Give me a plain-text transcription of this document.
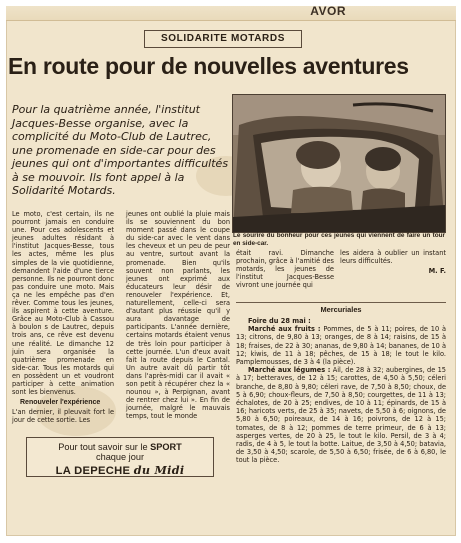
AVOR
SOLIDARITE MOTARDS
En route pour de nouvelles aventures
Pour la quatrième année, l'institut Jacques-Besse organise, avec la complicité du Moto-Club de Lautrec, une promenade en side-car pour des jeunes qui ont d'importantes difficultés à se mouvoir. Ils font appel à la Solidarité Motards.
Le sourire du bonheur pour ces jeunes qui viennent de faire un tour en side-car.

Le moto, c'est certain, ils ne pourront jamais en conduire une. Pour ces adolescents et jeunes adultes résidant à l'institut Jacques-Besse, tous les actes, même les plus simples de la vie quotidienne, demandent l'aide d'une tierce personne. Ils ne pourront donc pas conduire une moto. Mais ça ne les empêche pas d'en rêver. Comme tous les jeunes, ils aspirent à cette aventure. Grâce au Moto-Club à Cassou à boulon s de Lautrec, depuis trois ans, ce rêve est devenu une réalité. Le dimanche 12 juin sera organisée la quatrième promenade en side-car. Tous les motards qui en possèdent un et voudront participer à cette animation sont les bienvenus.

Renouveler l'expérience

L'an dernier, il pleuvait fort le jour de cette sortie. Les

jeunes ont oublié la pluie mais ils se souviennent du bon moment passé dans le coupe du side-car avec le vent dans les cheveux et un peu de peur au ventre, surtout avant la promenade. Bien qu'ils souvent non parlants, les jeunes ont exprimé aux éducateurs leur désir de renouveler l'expérience. Et, naturellement, celle-ci sera d'autant plus réussie qu'il y aura davantage de participants. L'année dernière, certains motards étaient venus de très loin pour participer à cette journée. L'un d'eux avait fait la route depuis le Cantal. Un autre avait dû partir tôt dans l'après-midi car il avait « son petit à récupérer chez la « nounou », à Perpignan, avant de rentrer chez lui ». En fin de journée, malgré le mauvais temps, tout le monde

était ravi. Dimanche prochain, grâce à l'amitié des motards, les jeunes de l'institut Jacques-Besse vivront une journée qui

les aidera à oublier un instant leurs difficultés.

M. F.
Mercuriales

Foire du 28 mai :

Marché aux fruits : Pommes, de 5 à 11; poires, de 10 à 13; citrons, de 9,80 à 13; oranges, de 8 à 14; raisins, de 15 à 18; fraises, de 22 à 30; ananas, de 9,80 à 14; bananes, de 10 à 12; kiwis, de 11 à 18; pêches, de 15 à 18; le tout le kilo. Pamplemousses, de 3 à 4 (la pièce).

Marché aux légumes : Ail, de 28 à 32; aubergines, de 15 à 17; betteraves, de 12 à 15; carottes, de 4,50 à 5,50; céleri branche, de 8,80 à 9,80; céleri rave, de 7,50 à 8,50; choux, de 5 à 6,90; choux-fleurs, de 7,50 à 8,50; courgettes, de 11 à 13; échalotes, de 20 à 25; endives, de 10 à 11; épinards, de 15 à 16; haricots verts, de 25 à 35; navets, de 5,50 à 6; oignons, de 5,80 à 6,50; poireaux, de 14 à 16; poivrons, de 12 à 15; tomates, de 8 à 12; pommes de terre primeur, de 6 à 13; asperges vertes, de 20 à 25, le tout le kilo. Persil, de 3 à 4; radis, de 4 à 5, le tout la botte. Laitue, de 3,50 à 4,50; batavia, de 3,50 à 4,50; scarole, de 5,50 à 6,50; frisée, de 6 à 6,80, le tout la pièce.

Pour tout savoir sur le SPORT
chaque jour
LA DEPECHE du Midi
